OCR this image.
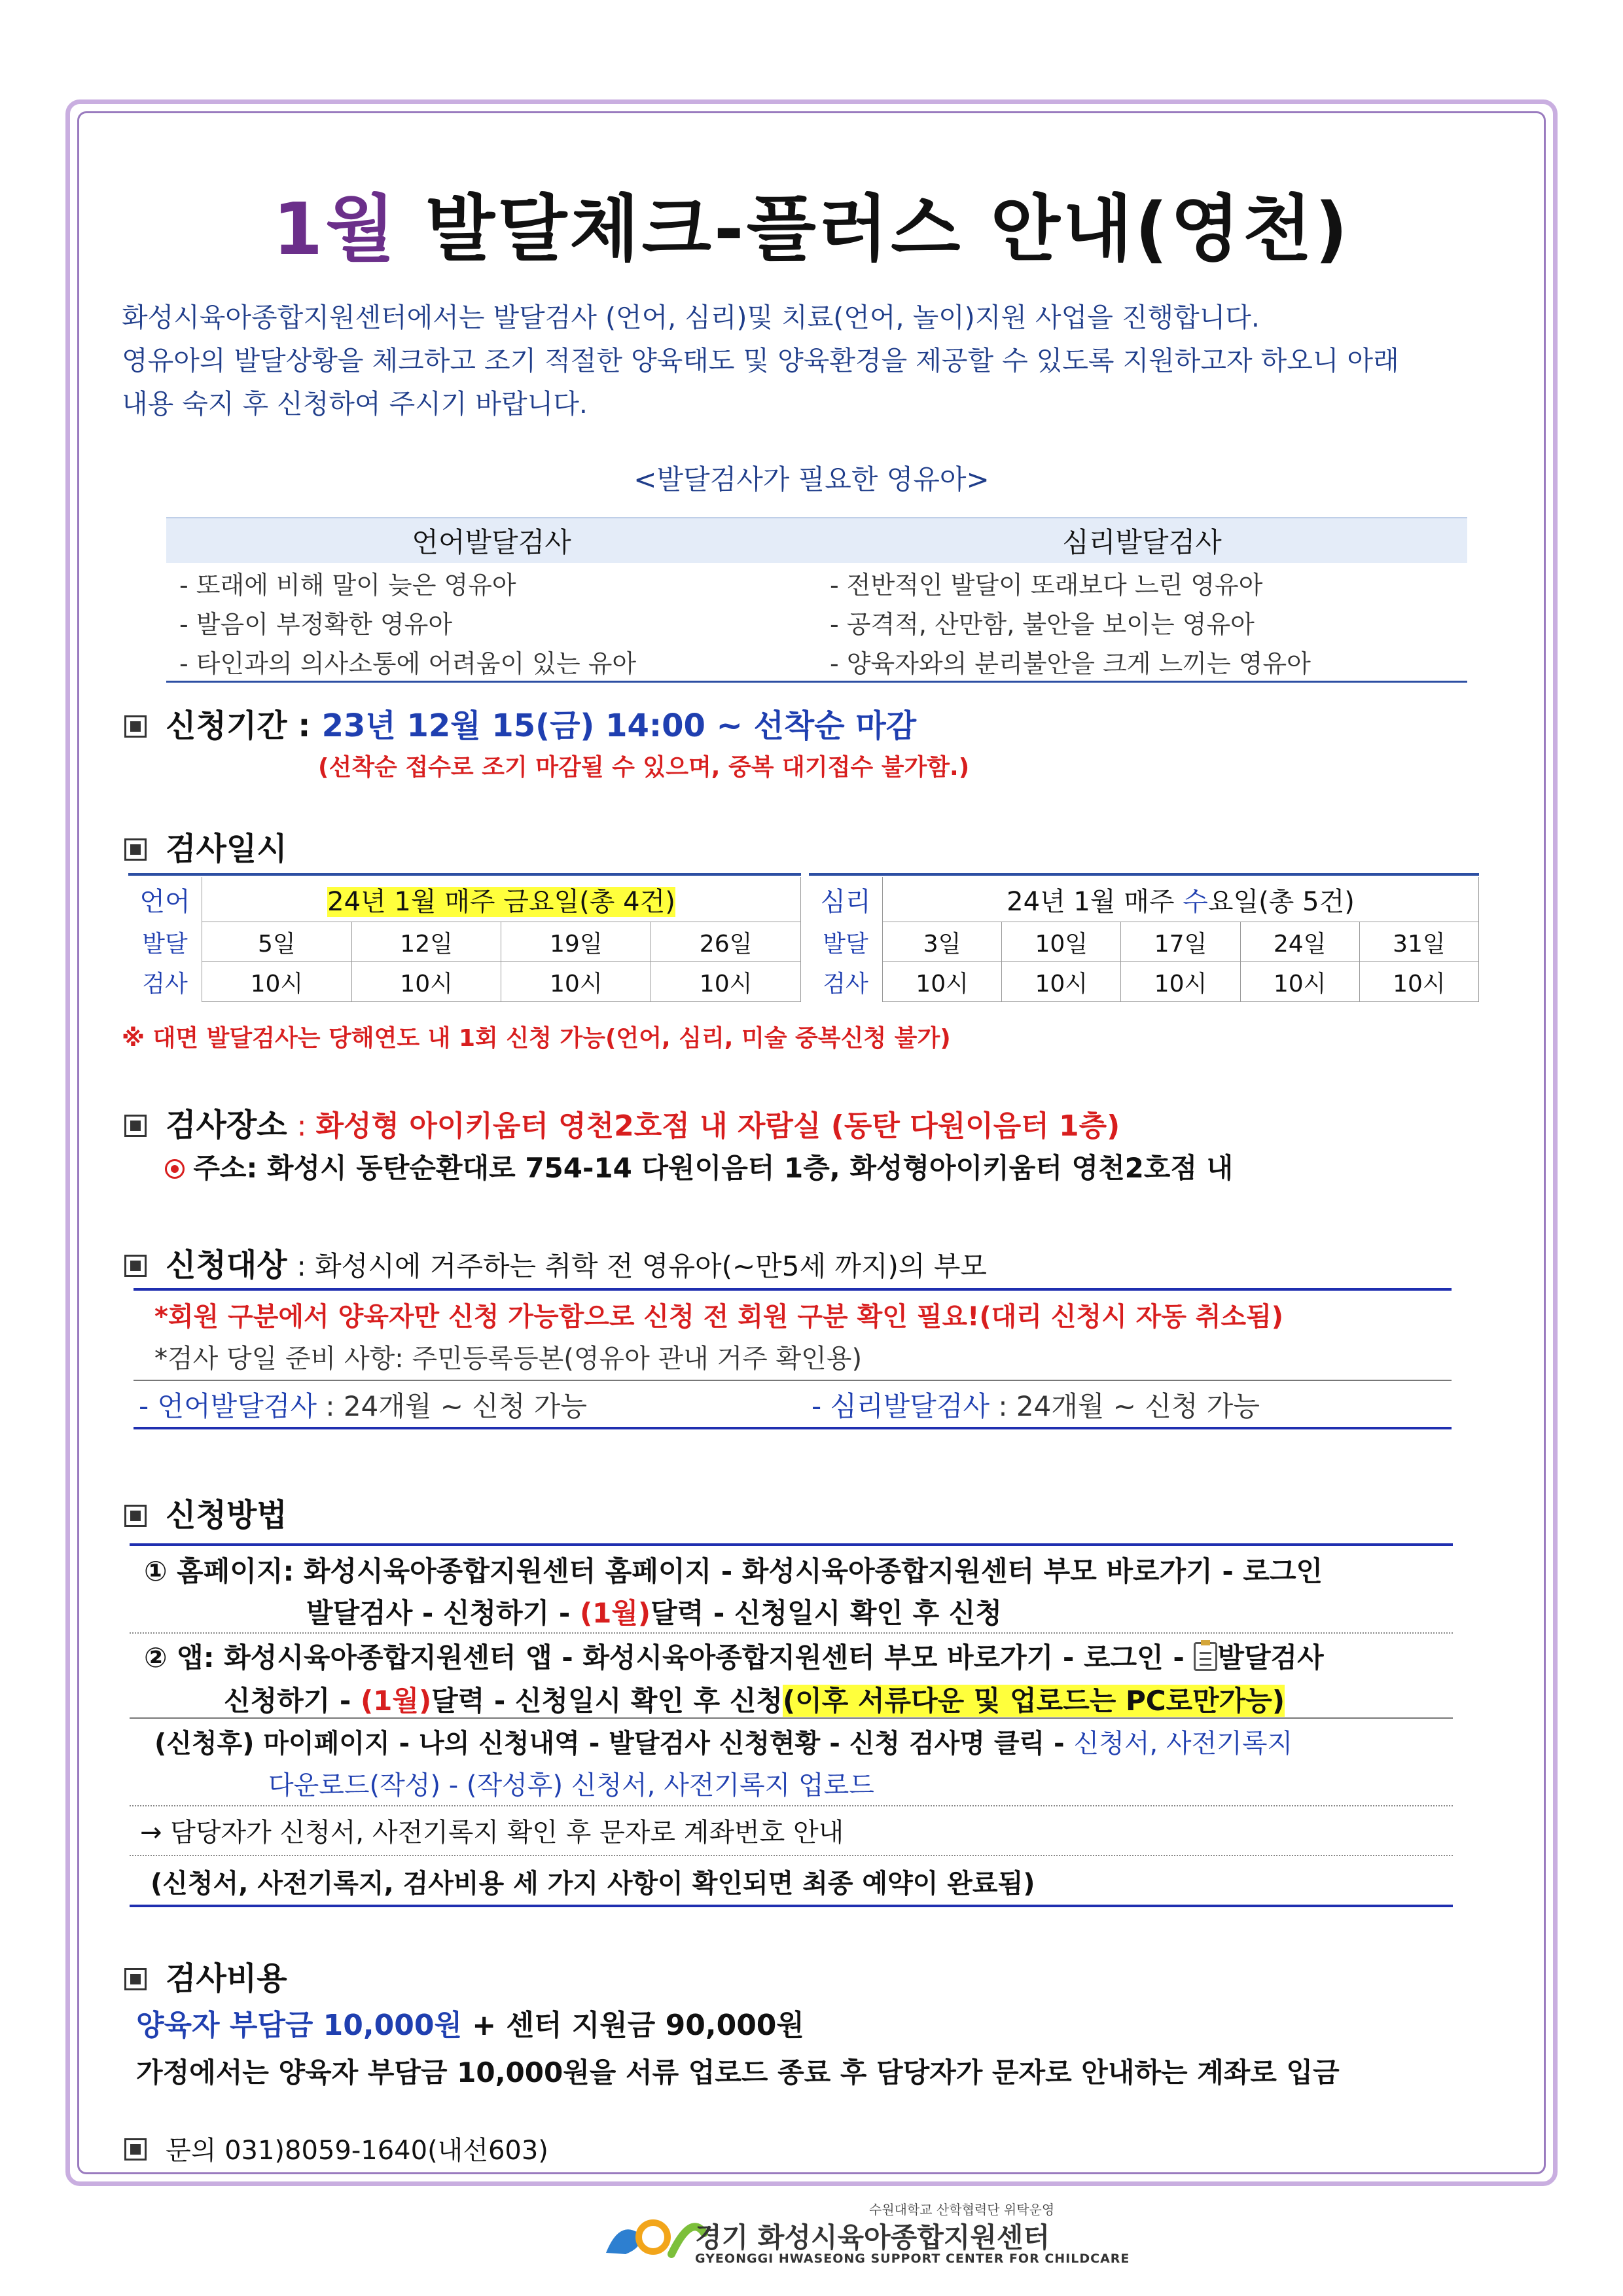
1월 발달체크-플러스 안내(영천)

화성시육아종합지원센터에서는 발달검사 (언어, 심리)및 치료(언어, 놀이)지원 사업을 진행합니다.

영유아의 발달상황을 체크하고 조기 적절한 양육태도 및 양육환경을 제공할 수 있도록 지원하고자 하오니 아래

내용 숙지 후 신청하여 주시기 바랍니다.

<발달검사가 필요한 영유아>
언어발달검사	심리발달검사
- 또래에 비해 말이 늦은 영유아	- 전반적인 발달이 또래보다 느린 영유아
- 발음이 부정확한 영유아	- 공격적, 산만함, 불안을 보이는 영유아
- 타인과의 의사소통에 어려움이 있는 유아	- 양육자와의 분리불안을 크게 느끼는 영유아
신청기간 : 23년 12월 15(금) 14:00 ~ 선착순 마감
(선착순 접수로 조기 마감될 수 있으며, 중복 대기접수 불가함.)
검사일시
언어	24년 1월 매주 금요일(총 4건)			
발달	5일	12일	19일	26일
검사	10시	10시	10시	10시
심리	24년 1월 매주 수요일(총 5건)				
발달	3일	10일	17일	24일	31일
검사	10시	10시	10시	10시	10시
※ 대면 발달검사는 당해연도 내 1회 신청 가능(언어, 심리, 미술 중복신청 불가)
검사장소 : 화성형 아이키움터 영천2호점 내 자람실 (동탄 다원이음터 1층)
주소: 화성시 동탄순환대로 754-14 다원이음터 1층, 화성형아이키움터 영천2호점 내
신청대상 : 화성시에 거주하는 취학 전 영유아(~만5세 까지)의 부모
*회원 구분에서 양육자만 신청 가능함으로 신청 전 회원 구분 확인 필요!(대리 신청시 자동 취소됨)
*검사 당일 준비 사항: 주민등록등본(영유아 관내 거주 확인용)
- 언어발달검사 : 24개월 ~ 신청 가능	- 심리발달검사 : 24개월 ~ 신청 가능
신청방법
① 홈페이지: 화성시육아종합지원센터 홈페이지 - 화성시육아종합지원센터 부모 바로가기 - 로그인
발달검사 - 신청하기 - (1월)달력 - 신청일시 확인 후 신청
② 앱: 화성시육아종합지원센터 앱 - 화성시육아종합지원센터 부모 바로가기 - 로그인 -
발달검사
신청하기 - (1월)달력 - 신청일시 확인 후 신청(이후 서류다운 및 업로드는 PC로만가능)
(신청후) 마이페이지 - 나의 신청내역 - 발달검사 신청현황 - 신청 검사명 클릭 - 신청서, 사전기록지
다운로드(작성) - (작성후) 신청서, 사전기록지 업로드
→ 담당자가 신청서, 사전기록지 확인 후 문자로 계좌번호 안내
(신청서, 사전기록지, 검사비용 세 가지 사항이 확인되면 최종 예약이 완료됨)
검사비용
양육자 부담금 10,000원 + 센터 지원금 90,000원
가정에서는 양육자 부담금 10,000원을 서류 업로드 종료 후 담당자가 문자로 안내하는 계좌로 입금
문의 031)8059-1640(내선603)
수원대학교 산학협력단 위탁운영
경기 화성시육아종합지원센터
GYEONGGI HWASEONG SUPPORT CENTER FOR CHILDCARE
